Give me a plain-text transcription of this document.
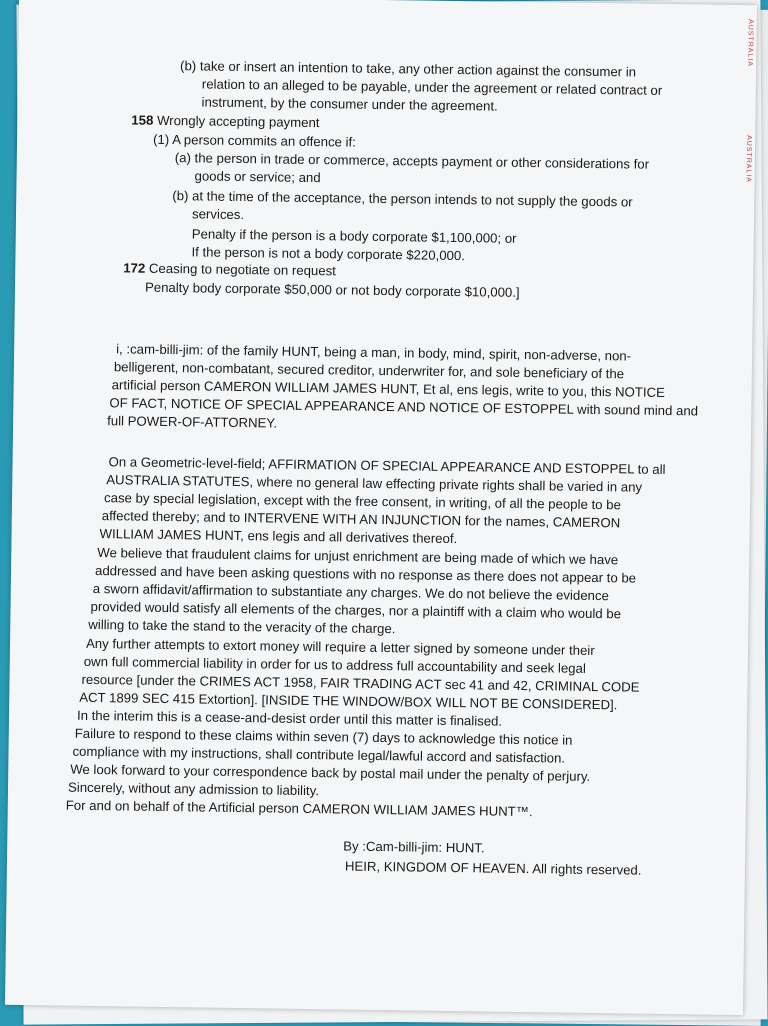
AUSTRALIA
AUSTRALIA
(b) take or insert an intention to take, any other action against the consumer in
relation to an alleged to be payable, under the agreement or related contract or
instrument, by the consumer under the agreement.
158 Wrongly accepting payment
(1) A person commits an offence if:
(a) the person in trade or commerce, accepts payment or other considerations for
goods or service; and
(b) at the time of the acceptance, the person intends to not supply the goods or
services.
Penalty if the person is a body corporate $1,100,000; or
If the person is not a body corporate $220,000.
172 Ceasing to negotiate on request
Penalty body corporate $50,000 or not body corporate $10,000.]
i, :cam-billi-jim: of the family HUNT, being a man, in body, mind, spirit, non-adverse, non-
belligerent, non-combatant, secured creditor, underwriter for, and sole beneficiary of the
artificial person CAMERON WILLIAM JAMES HUNT, Et al, ens legis, write to you, this NOTICE
OF FACT, NOTICE OF SPECIAL APPEARANCE AND NOTICE OF ESTOPPEL with sound mind and
full POWER-OF-ATTORNEY.
On a Geometric-level-field; AFFIRMATION OF SPECIAL APPEARANCE AND ESTOPPEL to all
AUSTRALIA STATUTES, where no general law effecting private rights shall be varied in any
case by special legislation, except with the free consent, in writing, of all the people to be
affected thereby; and to INTERVENE WITH AN INJUNCTION for the names, CAMERON
WILLIAM JAMES HUNT, ens legis and all derivatives thereof.
We believe that fraudulent claims for unjust enrichment are being made of which we have
addressed and have been asking questions with no response as there does not appear to be
a sworn affidavit/affirmation to substantiate any charges. We do not believe the evidence
provided would satisfy all elements of the charges, nor a plaintiff with a claim who would be
willing to take the stand to the veracity of the charge.
Any further attempts to extort money will require a letter signed by someone under their
own full commercial liability in order for us to address full accountability and seek legal
resource [under the CRIMES ACT 1958, FAIR TRADING ACT sec 41 and 42, CRIMINAL CODE
ACT 1899 SEC 415 Extortion]. [INSIDE THE WINDOW/BOX WILL NOT BE CONSIDERED].
In the interim this is a cease-and-desist order until this matter is finalised.
Failure to respond to these claims within seven (7) days to acknowledge this notice in
compliance with my instructions, shall contribute legal/lawful accord and satisfaction.
We look forward to your correspondence back by postal mail under the penalty of perjury.
Sincerely, without any admission to liability.
For and on behalf of the Artificial person CAMERON WILLIAM JAMES HUNT™.
By :Cam-billi-jim: HUNT.
HEIR, KINGDOM OF HEAVEN. All rights reserved.
